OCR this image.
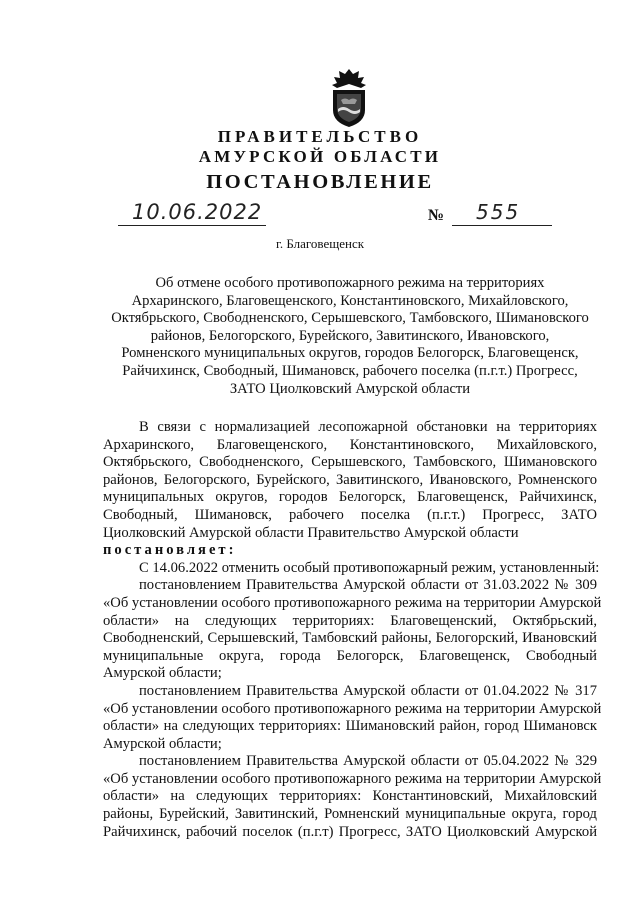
ПРАВИТЕЛЬСТВО
АМУРСКОЙ ОБЛАСТИ
ПОСТАНОВЛЕНИЕ
10.06.2022	№ 555
г. Благовещенск
Об отмене особого противопожарного режима на территориях
Архаринского, Благовещенского, Константиновского, Михайловского,
Октябрьского, Свободненского, Серышевского, Тамбовского, Шимановского
районов, Белогорского, Бурейского, Завитинского, Ивановского,
Ромненского муниципальных округов, городов Белогорск, Благовещенск,
Райчихинск, Свободный, Шимановск, рабочего поселка (п.г.т.) Прогресс,
ЗАТО Циолковский Амурской области
В связи с нормализацией лесопожарной обстановки на территориях
Архаринского, Благовещенского, Константиновского, Михайловского,
Октябрьского, Свободненского, Серышевского, Тамбовского, Шимановского
районов, Белогорского, Бурейского, Завитинского, Ивановского, Ромненского
муниципальных округов, городов Белогорск, Благовещенск, Райчихинск,
Свободный, Шимановск, рабочего поселка (п.г.т.) Прогресс, ЗАТО
Циолковский Амурской области Правительство Амурской области
постановляет:
С 14.06.2022 отменить особый противопожарный режим, установленный:
постановлением Правительства Амурской области от 31.03.2022 № 309
«Об установлении особого противопожарного режима на территории Амурской
области» на следующих территориях: Благовещенский, Октябрьский,
Свободненский, Серышевский, Тамбовский районы, Белогорский, Ивановский
муниципальные округа, города Белогорск, Благовещенск, Свободный
Амурской области;
постановлением Правительства Амурской области от 01.04.2022 № 317
«Об установлении особого противопожарного режима на территории Амурской
области» на следующих территориях: Шимановский район, город Шимановск
Амурской области;
постановлением Правительства Амурской области от 05.04.2022 № 329
«Об установлении особого противопожарного режима на территории Амурской
области» на следующих территориях: Константиновский, Михайловский
районы, Бурейский, Завитинский, Ромненский муниципальные округа, город
Райчихинск, рабочий поселок (п.г.т) Прогресс, ЗАТО Циолковский Амурской
